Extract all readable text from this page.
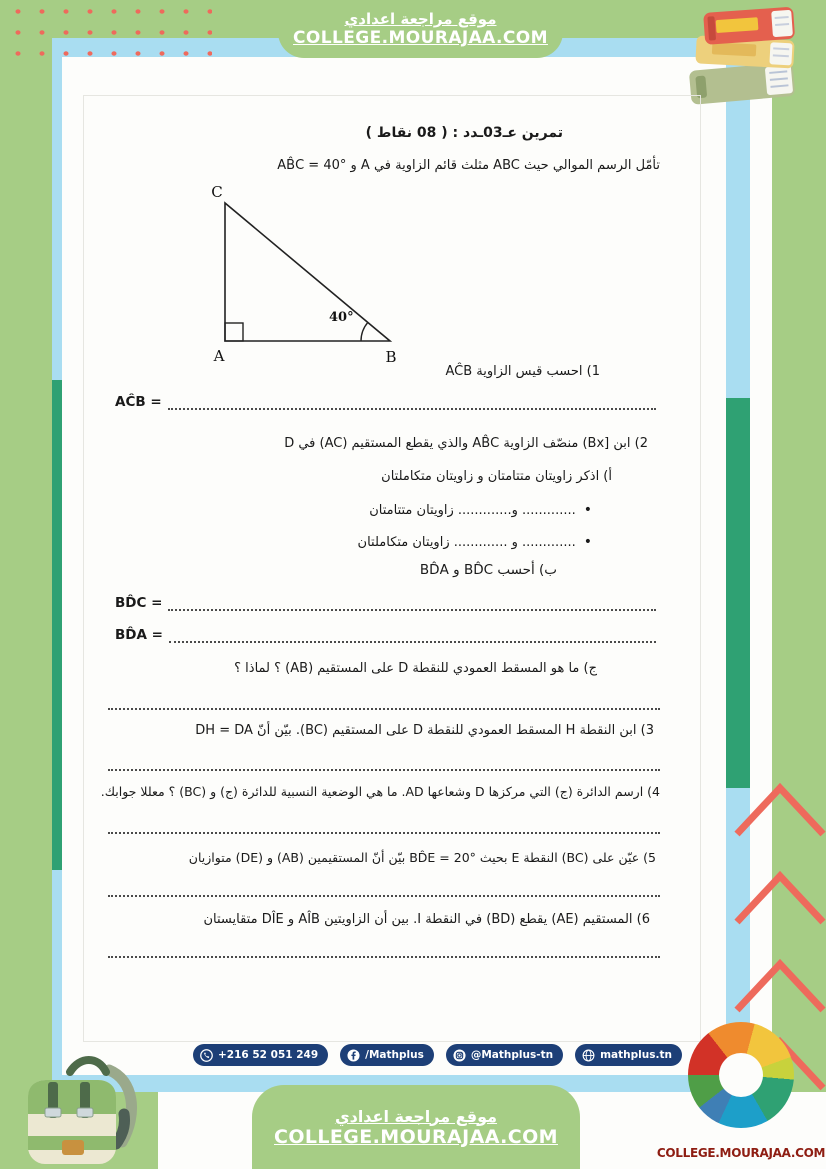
موقع مراجعة اعدادي
COLLEGE.MOURAJAA.COM
تمرين عـ03ـدد : ( 08 نقاط )
تأمّل الرسم الموالي حيث ABC مثلث قائم الزاوية في A و AB̂C = 40°
C
A	B
40°
1) احسب قيس الزاوية AĈB
AĈB =
2) ابن [Bx) منصّف الزاوية AB̂C والذي يقطع المستقيم (AC) في D
أ) اذكر زاويتان متتامتان و زاويتان متكاملتان
•............. و............. زاويتان متتامتان
•............. و ............. زاويتان متكاملتان
ب) أحسب BD̂C و BD̂A
BD̂C =
BD̂A =
ج) ما هو المسقط العمودي للنقطة D على المستقيم (AB) ؟ لماذا ؟
3) ابن النقطة H المسقط العمودي للنقطة D على المستقيم (BC). بيّن أنّ DH = DA
4) ارسم الدائرة (ج) التي مركزها D وشعاعها AD. ما هي الوضعية النسبية للدائرة (ج) و (BC) ؟ معللا جوابك.
5) عيّن على (BC) النقطة E بحيث BD̂E = 20° بيّن أنّ المستقيمين (AB) و (DE) متوازيان
6) المستقيم (AE) يقطع (BD) في النقطة I. بين أن الزاويتين AÎB و DÎE متقايستان
+216 52 051 249	/Mathplus	@Mathplus-tn	mathplus.tn
موقع مراجعة اعدادي
COLLEGE.MOURAJAA.COM
COLLEGE.MOURAJAA.COM
